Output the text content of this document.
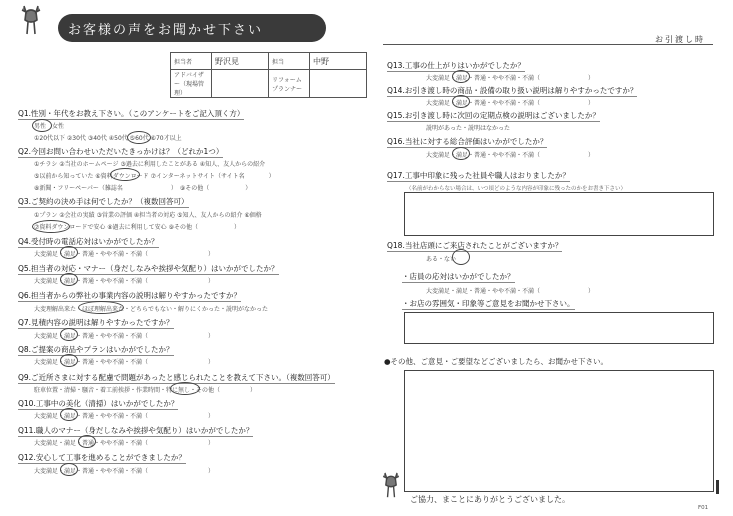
お客様の声をお聞かせ下さい
お引渡し時
担当者	野沢見	担当	中野
アドバイザー（現場管理）		リフォームプランナー	
Q1.性別・年代をお教え下さい。（このアンケートをご記入頂く方）
男性　女性
①20代以下 ②30代 ③40代 ④50代 ⑤60代 ⑥70才以上
Q2.今回お問い合わせいただいたきっかけは？（どれか1つ）
①チラシ ②当社のホームページ ③過去に利用したことがある ④知人、友人からの紹介
⑤以前から知っていた ⑥資料ダウンロード ⑦インターネットサイト（サイト名　　　　）
⑧新聞・フリーペーパー（雑誌名　　　　　　　　）　⑨その他（　　　　　　）
Q3.ご契約の決め手は何でしたか？（複数回答可）
①プラン ②会社の実績 ③営業の評価 ④担当者の対応 ⑤知人、友人からの紹介 ⑥価格
⑦資料ダウンロードで安心 ⑧過去に利用して安心 ⑨その他（　　　　　　）
Q4.受付時の電話応対はいかがでしたか？
大変満足・満足・普通・やや不満・不満（　　　　　　　　　　）
Q5.担当者の対応・マナー（身だしなみや挨拶や気配り）はいかがでしたか？
大変満足・満足・普通・やや不満・不満（　　　　　　　　　　）
Q6.担当者からの弊社の事業内容の説明は解りやすかったですか？
大変理解出来た・ほぼ理解出来た・どちらでもない・解りにくかった・説明がなかった
Q7.見積内容の説明は解りやすかったですか？
大変満足・満足・普通・やや不満・不満（　　　　　　　　　　）
Q8.ご提案の商品やプランはいかがでしたか？
大変満足・満足・普通・やや不満・不満（　　　　　　　　　　）
Q9.ご近所さまに対する配慮で問題があったと感じられたことを教えて下さい。（複数回答可）
駐車位置・清掃・騒音・着工前挨拶・作業時間・特に無し・その他（　　　　　）
Q10.工事中の美化（清掃）はいかがでしたか？
大変満足・満足・普通・やや不満・不満（　　　　　　　　　　）
Q11.職人のマナー（身だしなみや挨拶や気配り）はいかがでしたか？
大変満足・満足・普通・やや不満・不満（　　　　　　　　　　）
Q12.安心して工事を進めることができましたか？
大変満足・満足・普通・やや不満・不満（　　　　　　　　　　）
Q13.工事の仕上がりはいかがでしたか？
大変満足・満足・普通・やや不満・不満（　　　　　　　　）
Q14.お引き渡し時の商品・設備の取り扱い説明は解りやすかったですか？
大変満足・満足・普通・やや不満・不満（　　　　　　　　）
Q15.お引き渡し時に次回の定期点検の説明はございましたか？
説明があった・説明はなかった
Q16.当社に対する総合評価はいかがでしたか？
大変満足・満足・普通・やや不満・不満（　　　　　　　　）
Q17.工事中印象に残った社員や職人はおりましたか？
（名前がわからない場合は、いつ頃どのような内容が印象に残ったのかをお書き下さい）
Q18.当社店頭にご来店されたことがございますか？
ある・ない
・店員の応対はいかがでしたか？
大変満足・満足・普通・やや不満・不満（　　　　　　　　）
・お店の雰囲気・印象等ご意見をお聞かせ下さい。
●その他、ご意見・ご要望などございましたら、お聞かせ下さい。
ご協力、まことにありがとうございました。
F01
